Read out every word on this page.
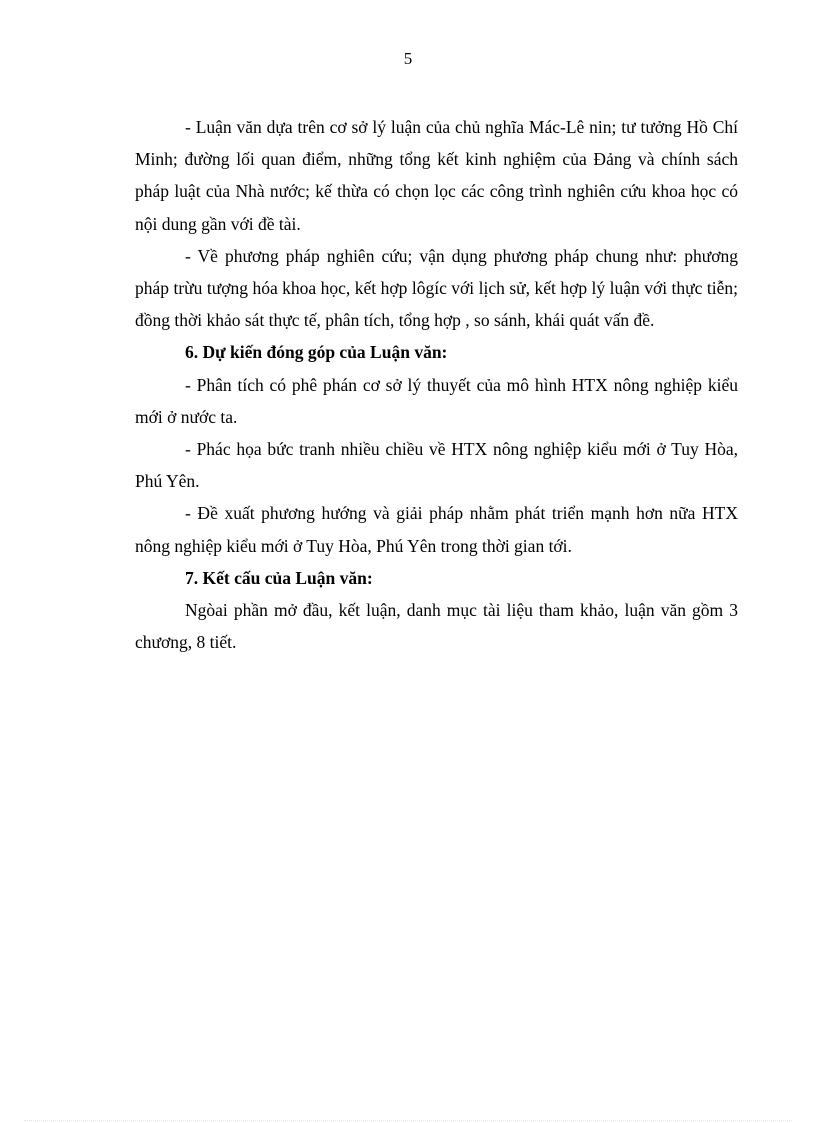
5

- Luận văn dựa trên cơ sở lý luận của chủ nghĩa Mác-Lê nin; tư tưởng Hồ Chí Minh; đường lối quan điểm, những tổng kết kinh nghiệm của Đảng và chính sách pháp luật của Nhà nước; kế thừa có chọn lọc các công trình nghiên cứu khoa học có nội dung gần với đề tài.

- Về phương pháp nghiên cứu; vận dụng phương pháp chung như: phương pháp trừu tượng hóa khoa học, kết hợp lôgíc với lịch sử, kết hợp lý luận với thực tiễn; đồng thời khảo sát thực tế, phân tích, tổng hợp , so sánh, khái quát vấn đề.

6. Dự kiến đóng góp của Luận văn:

- Phân tích có phê phán cơ sở lý thuyết của mô hình HTX nông nghiệp kiểu mới ở nước ta.

- Phác họa bức tranh nhiều chiều về HTX nông nghiệp kiểu mới ở Tuy Hòa, Phú Yên.

- Đề xuất phương hướng và giải pháp nhằm phát triển mạnh hơn nữa HTX nông nghiệp kiểu mới ở Tuy Hòa, Phú Yên trong thời gian tới.

7. Kết cấu của Luận văn:

Ngòai phần mở đầu, kết luận, danh mục tài liệu tham khảo, luận văn gồm 3 chương, 8 tiết.
